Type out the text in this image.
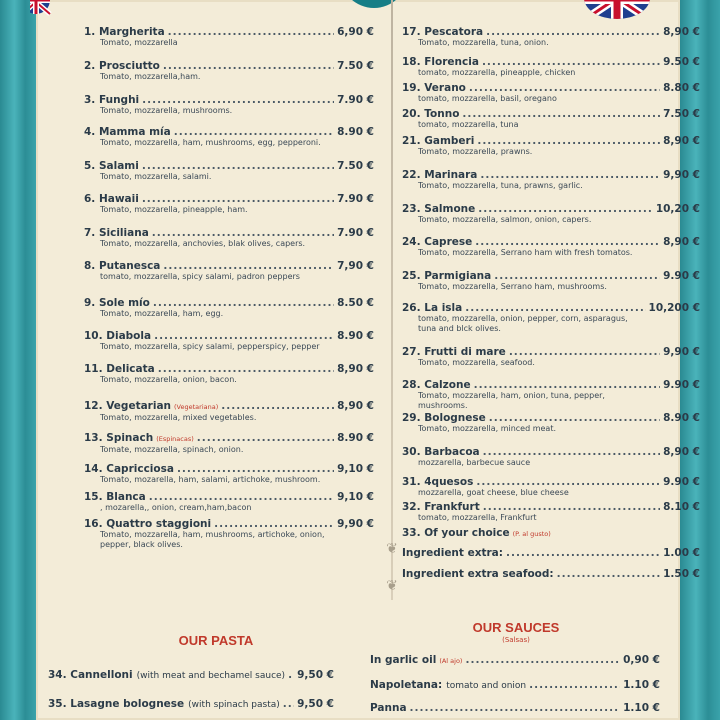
❦
❦
1. Margherita .....	6,90 €
Tomato, mozzarella
2. Prosciutto .....	7.50 €
Tomato, mozzarella,ham.
3. Funghi .....	7.90 €
Tomato, mozzarella, mushrooms.
4. Mamma mía .....	8.90 €
Tomato, mozzarella, ham, mushrooms, egg, pepperoni.
5. Salami .....	7.50 €
Tomato, mozzarella, salami.
6. Hawaii .....	7.90 €
Tomato, mozzarella, pineapple, ham.
7. Siciliana .....	7.90 €
Tomato, mozzarella, anchovies, blak olives, capers.
8. Putanesca .....	7,90 €
tomato, mozzarella, spicy salami, padron peppers
9. Sole mío .....	8.50 €
Tomato, mozzarella, ham, egg.
10. Diabola .....	8.90 €
Tomato, mozzarella, spicy salami, pepperspicy, pepper
11. Delicata .....	8,90 €
Tomato, mozzarella, onion, bacon.
12. Vegetarian (Vegetariana) .....	8,90 €
Tomato, mozzarella, mixed vegetables.
13. Spinach (Espinacas) .....	8.90 €
Tomate, mozzarella, spinach, onion.
14. Capricciosa .....	9,10 €
Tomato, mozarella, ham, salami, artichoke, mushroom.
15. Blanca .....	9,10 €
, mozarella,, onion, cream,ham,bacon
16. Quattro staggioni .....	9,90 €
Tomato, mozzarella, ham, mushrooms, artichoke, onion, pepper, black olives.
17. Pescatora .....	8,90 €
Tomato, mozzarella, tuna, onion.
18. Florencia .....	9.50 €
tomato, mozzarella, pineapple, chicken
19. Verano .....	8.80 €
tomato, mozzarella, basil, oregano
20. Tonno .....	7.50 €
tomato, mozzarella, tuna
21. Gamberi .....	8,90 €
Tomato, mozzarella, prawns.
22. Marinara .....	9,90 €
Tomato, mozzarella, tuna, prawns, garlic.
23. Salmone .....	10,20 €
Tomato, mozzarella, salmon, onion, capers.
24. Caprese .....	8,90 €
Tomato, mozzarella, Serrano ham with fresh tomatos.
25. Parmigiana .....	9.90 €
Tomato, mozzarella, Serrano ham, mushrooms.
26. La isla .....	10,200 €
tomato, mozzarella, onion, pepper, corn, asparagus, tuna and blck olives.
27. Frutti di mare .....	9,90 €
Tomato, mozzarella, seafood.
28. Calzone .....	9.90 €
Tomato, mozzarella, ham, onion, tuna, pepper, mushrooms.
29. Bolognese .....	8.90 €
Tomato, mozzarella, minced meat.
30. Barbacoa .....	8,90 €
mozzarella, barbecue sauce
31. 4quesos .....	9.90 €
mozzarella, goat cheese, blue cheese
32. Frankfurt .....	8.10 €
tomato, mozzarella, Frankfurt
33. Of your choice (P. al gusto)
Ingredient extra: .....	1.00 €
Ingredient extra seafood: .....	1.50 €
OUR PASTA
OUR SAUCES
(Salsas)
34. Cannelloni (with meat and bechamel sauce) ..... 9,50 €
35. Lasagne bolognese (with spinach pasta) ..... 9,50 €
In garlic oil (Al ajo) .....	0,90 €
Napoletana: tomato and onion .....	1.10 €
Panna .....	1.10 €
